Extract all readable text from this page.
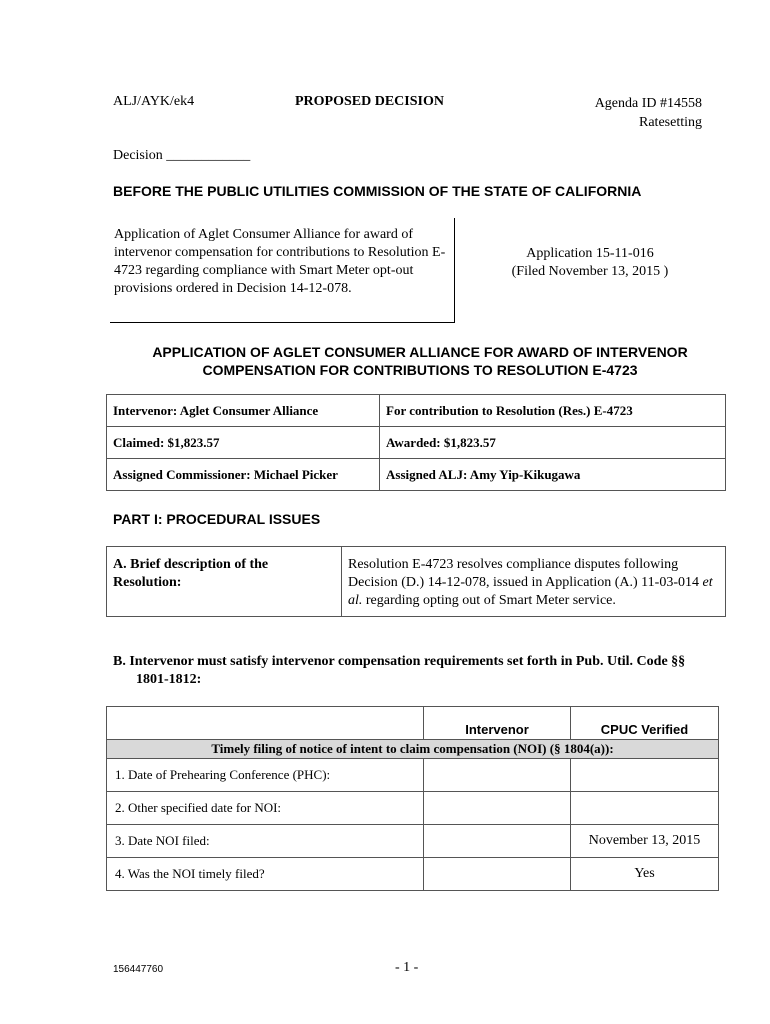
ALJ/AYK/ek4	PROPOSED DECISION	Agenda ID #14558
Ratesetting
Decision ____________
BEFORE THE PUBLIC UTILITIES COMMISSION OF THE STATE OF CALIFORNIA
Application of Aglet Consumer Alliance for award of intervenor compensation for contributions to Resolution E-4723 regarding compliance with Smart Meter opt-out provisions ordered in Decision 14-12-078.
Application 15-11-016
(Filed November 13, 2015 )
APPLICATION OF AGLET CONSUMER ALLIANCE FOR AWARD OF INTERVENOR
COMPENSATION FOR CONTRIBUTIONS TO RESOLUTION E-4723
Intervenor: Aglet Consumer Alliance	For contribution to Resolution (Res.) E-4723
Claimed: $1,823.57	Awarded: $1,823.57
Assigned Commissioner: Michael Picker	Assigned ALJ: Amy Yip-Kikugawa
PART I: PROCEDURAL ISSUES
A. Brief description of the Resolution:	Resolution E-4723 resolves compliance disputes following Decision (D.) 14-12-078, issued in Application (A.) 11-03-014 et al. regarding opting out of Smart Meter service.
B. Intervenor must satisfy intervenor compensation requirements set forth in Pub. Util. Code §§ 1801-1812:
	Intervenor	CPUC Verified
Timely filing of notice of intent to claim compensation (NOI) (§ 1804(a)):		
1. Date of Prehearing Conference (PHC):		
2. Other specified date for NOI:		
3. Date NOI filed:		November 13, 2015
4. Was the NOI timely filed?		Yes
156447760	- 1 -
